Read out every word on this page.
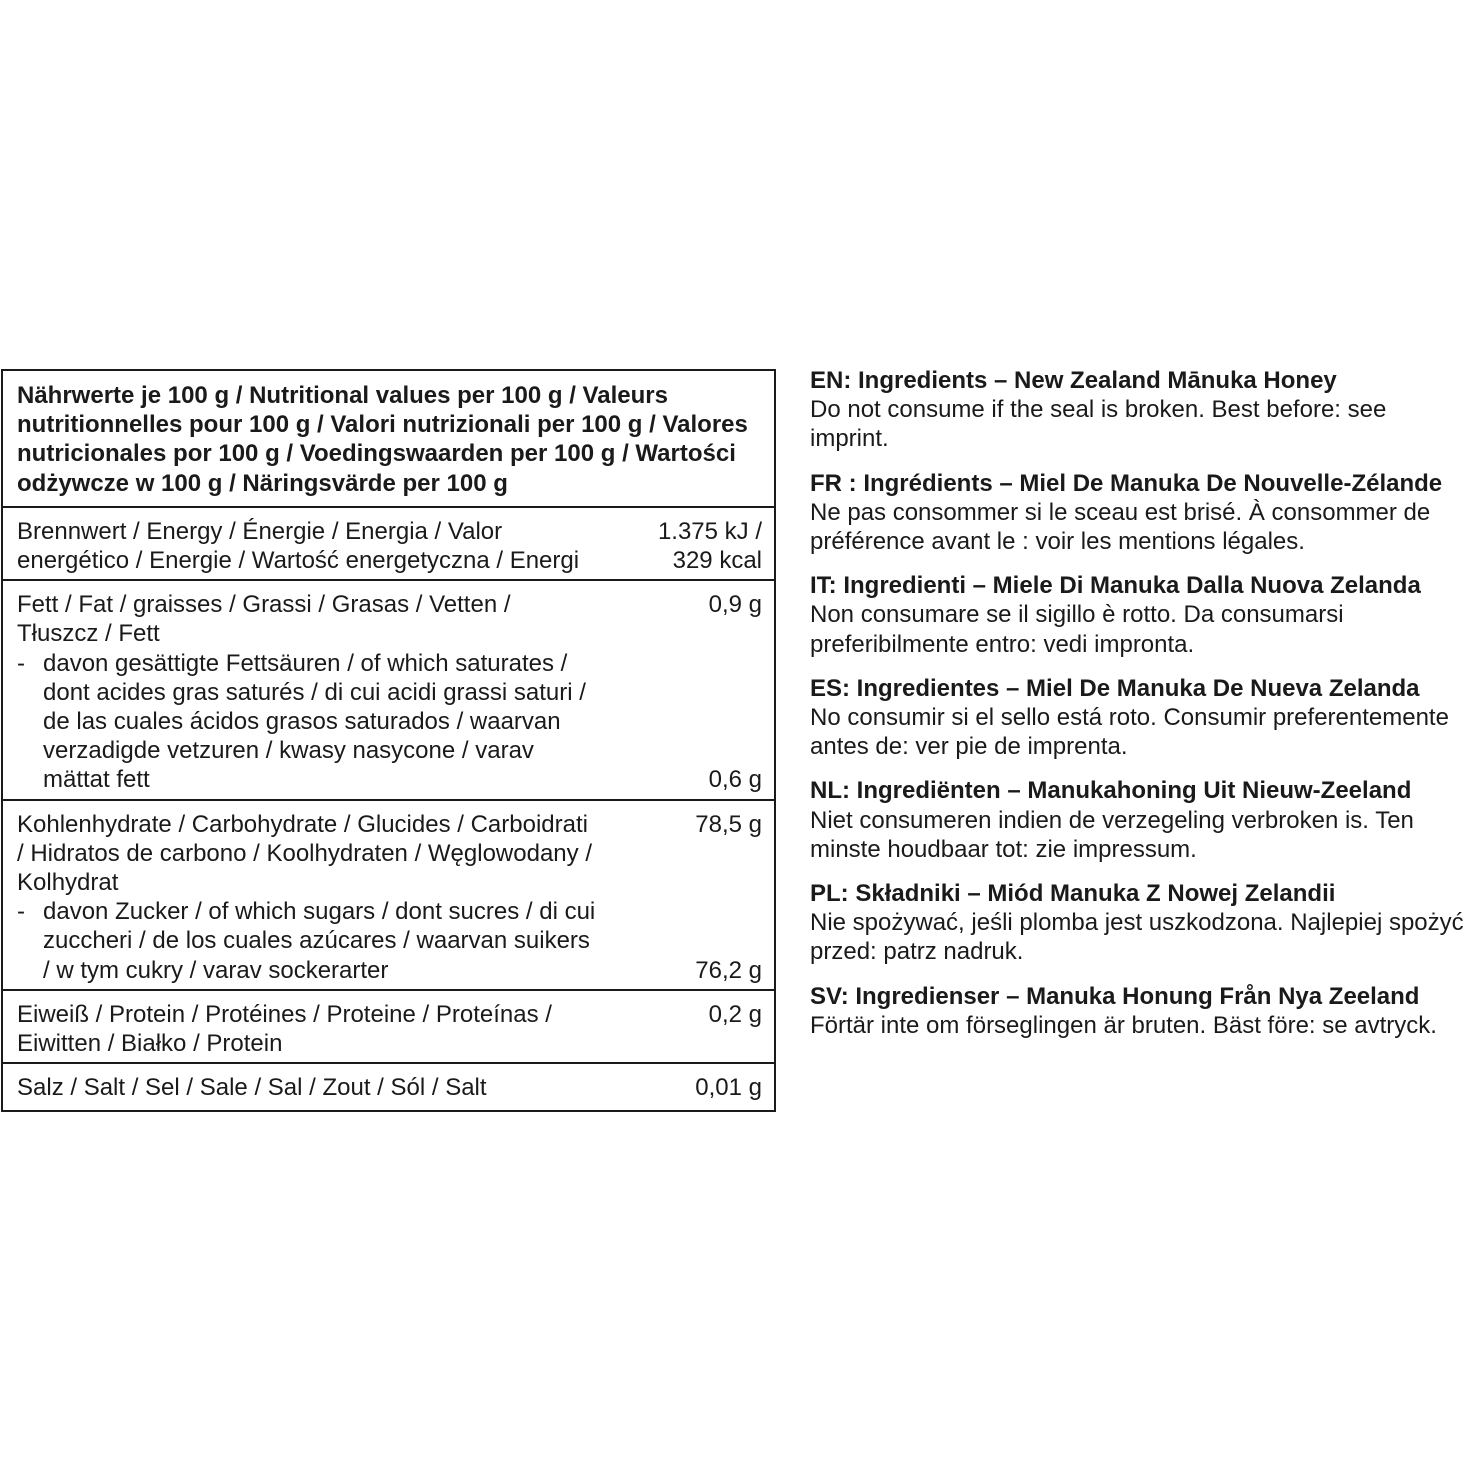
Nährwerte je 100 g / Nutritional values per 100 g / Valeurs nutritionnelles pour 100 g / Valori nutrizionali per 100 g / Valores nutricionales por 100 g / Voedingswaarden per 100 g / Wartości odżywcze w 100 g / Näringsvärde per 100 g
Brennwert / Energy / Énergie / Energia / Valor energético / Energie / Wartość energetyczna / Energi
1.375 kJ /
329 kcal
Fett / Fat / graisses / Grassi / Grasas / Vetten / Tłuszcz / Fett
- davon gesättigte Fettsäuren / of which saturates / dont acides gras saturés / di cui acidi grassi saturi / de las cuales ácidos grasos saturados / waarvan verzadigde vetzuren / kwasy nasycone / varav mättat fett
0,9 g
0,6 g
Kohlenhydrate / Carbohydrate / Glucides / Carboidrati / Hidratos de carbono / Koolhydraten / Węglowodany / Kolhydrat
- davon Zucker / of which sugars / dont sucres / di cui zuccheri / de los cuales azúcares / waarvan suikers / w tym cukry / varav sockerarter
78,5 g
76,2 g
Eiweiß / Protein / Protéines / Proteine / Proteínas / Eiwitten / Białko / Protein
0,2 g
Salz / Salt / Sel / Sale / Sal / Zout / Sól / Salt	0,01 g
EN: Ingredients – New Zealand Mānuka Honey
Do not consume if the seal is broken. Best before: see imprint.
FR : Ingrédients – Miel De Manuka De Nouvelle-Zélande
Ne pas consommer si le sceau est brisé. À consommer de préférence avant le : voir les mentions légales.
IT: Ingredienti – Miele Di Manuka Dalla Nuova Zelanda
Non consumare se il sigillo è rotto. Da consumarsi preferibilmente entro: vedi impronta.
ES: Ingredientes – Miel De Manuka De Nueva Zelanda
No consumir si el sello está roto. Consumir preferentemente antes de: ver pie de imprenta.
NL: Ingrediënten – Manukahoning Uit Nieuw-Zeeland
Niet consumeren indien de verzegeling verbroken is. Ten minste houdbaar tot: zie impressum.
PL: Składniki – Miód Manuka Z Nowej Zelandii
Nie spożywać, jeśli plomba jest uszkodzona. Najlepiej spożyć przed: patrz nadruk.
SV: Ingredienser – Manuka Honung Från Nya Zeeland
Förtär inte om förseglingen är bruten. Bäst före: se avtryck.
